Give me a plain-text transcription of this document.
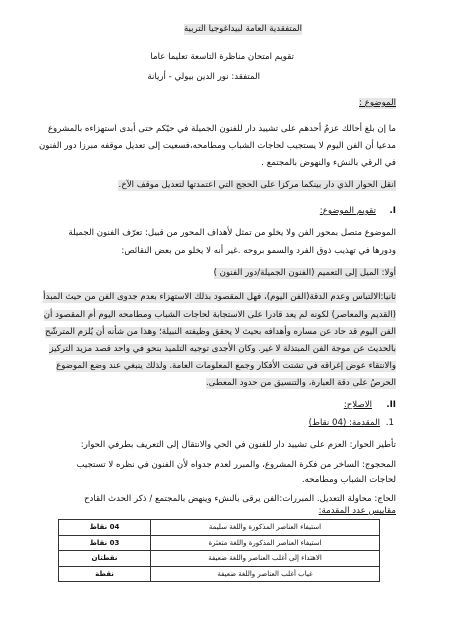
المتفقدية العامة لبيداغوجيا التربية
تقويم امتحان مناظرة التاسعة تعليما عاما
المتفقد: نور الدين بيولي - أريانة
الموضوع :
ما إن بلغ أحالك عزمُ أحدهم على تشييد دار للفنون الجميلة في حيّكم حتى أبدى استهزاءه بالمشروع
مدعيا أن الفن اليوم لا يستجيب لحاجات الشباب ومطامحه،فسعيت إلى تعديل موقفه مبرزا دور الفنون
في الرقي بالنشء والنهوض بالمجتمع .
انقل الحوار الذي دار بينكما مركزا على الحجج التي اعتمدتها لتعديل موقف الآخ.
I.
تقويم الموضوع:
الموضوع متصل بمحور الفن ولا يخلو من تمثل لأهداف المحور من قبيل: تعرّف الفنون الجميلة
ودورها في تهذيب ذوق الفرد والسمو بروحه .غير أنه لا يخلو من بعض النقائص:
أولا: الميل إلى التعميم (الفنون الجميلة/دور الفنون )
ثانيا:الالتباس وعدم الدقة(الفن اليوم)، فهل المقصود بذلك الاستهزاء بعدم جدوى الفن من حيث المبدأ
(القديم والمعاصر) لكونه لم يعد قادرا على الاستجابة لحاجات الشباب ومطامحه اليوم أم المقصود أن
الفن اليوم قد حاد عن مساره وأهدافه بحيث لا يحقق وظيفته النبيلة؛ وهذا من شأنه أن يُلزم المترشّح
بالحديث عن موجة الفن المبتذلة لا غير. وكان الأجدى توجيه التلميذ بنحو في واحد قصد مزيد التركيز
والانتقاء عوض إغراقه في تشتت الأفكار وجمع المعلومات العامة. ولذلك ينبغي عند وضع الموضوع
الحرصُ على دقة العبارة، والتنسيق من حدود المعطى.
II.
الاصلاح:
1.
المقدمة: (04 نقاط)
تأطير الحوار: العزم على تشييد دار للفنون في الحي والانتقال إلى التعريف بطرفي الحوار:
المحجوج: الساخر من فكرة المشروع، والمبرر لعدم جدواه لأن الفنون في نظره لا تستجيب
لحاجات الشباب ومطامحه.
الحاج: محاولة التعديل. المبررات:الفن يرقى بالنشء وينهض بالمجتمع / ذكر الحدث القادح
مقاييس عدد المقدمة:
استيفاء العناصر المذكورة واللغة سليمة	04 نقاط
استيفاء العناصر المذكورة واللغة متعثرة	03 نقاط
الاهتداء إلى أغلب العناصر واللغة ضعيفة	نقطتان
غياب أغلب العناصر واللغة ضعيفة	نقطة
